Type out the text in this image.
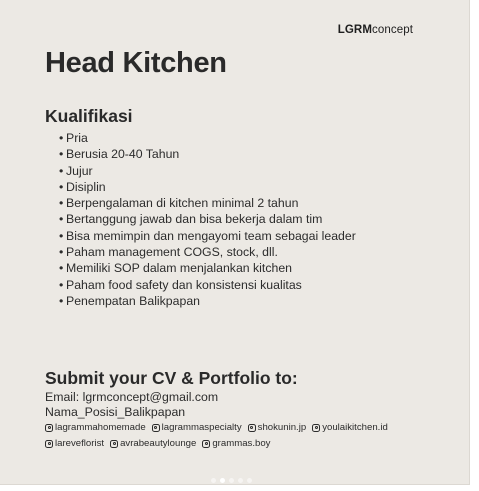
LGRMconcept
Head Kitchen
Kualifikasi
• Pria
• Berusia 20-40 Tahun
• Jujur
• Disiplin
• Berpengalaman di kitchen minimal 2 tahun
• Bertanggung jawab dan bisa bekerja dalam tim
• Bisa memimpin dan mengayomi team sebagai leader
• Paham management COGS, stock, dll.
• Memiliki SOP dalam menjalankan kitchen
• Paham food safety dan konsistensi kualitas
• Penempatan Balikpapan
Submit your CV & Portfolio to:
Email: lgrmconcept@gmail.com
Nama_Posisi_Balikpapan
lagrammahomemade lagrammaspecialty shokunin.jp youlaikitchen.id
lareveflorist avrabeautylounge grammas.boy
